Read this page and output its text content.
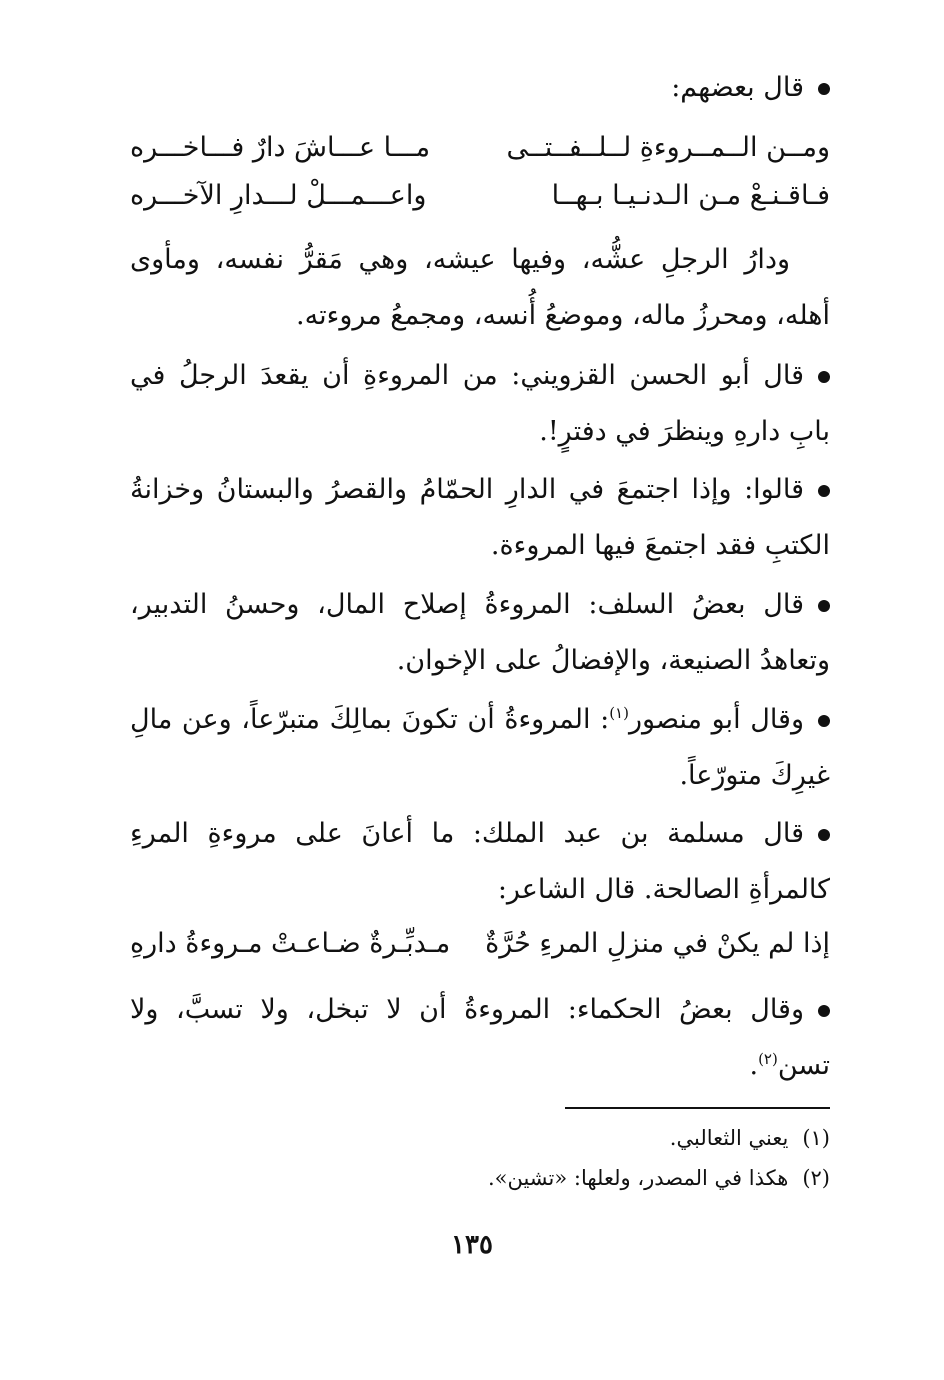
قال بعضهم:
ومــن الــمــروءةِ لــلــفــتــى
مـــا عـــاشَ دارٌ فـــاخـــره
فـاقـنـعْ مـن الـدنـيـا بـهــا
واعـــمـــلْ لـــدارِ الآخـــره
ودارُ الرجلِ عشُّه، وفيها عيشه، وهي مَقرُّ نفسه، ومأوى أهله، ومحرزُ ماله، وموضعُ أُنسه، ومجمعُ مروءته.
قال أبو الحسن القزويني: من المروءةِ أن يقعدَ الرجلُ في بابِ دارهِ وينظرَ في دفترٍ!.
قالوا: وإذا اجتمعَ في الدارِ الحمّامُ والقصرُ والبستانُ وخزانةُ الكتبِ فقد اجتمعَ فيها المروءة.
قال بعضُ السلف: المروءةُ إصلاح المال، وحسنُ التدبير، وتعاهدُ الصنيعة، والإفضالُ على الإخوان.
وقال أبو منصور$^{(١)}$: المروءةُ أن تكونَ بمالِكَ متبرّعاً، وعن مالِ غيرِكَ متورّعاً.
قال مسلمة بن عبد الملك: ما أعانَ على مروءةِ المرءِ كالمرأةِ الصالحة. قال الشاعر:
إذا لم يكنْ في منزلِ المرءِ حُرَّةٌ
مـدبِّـرةٌ ضـاعـتْ مـروءةُ دارهِ
وقال بعضُ الحكماء: المروءةُ أن لا تبخل، ولا تسبَّ، ولا تسن$^{(٢)}$.
(١)يعني الثعالبي.
(٢)هكذا في المصدر، ولعلها: «تشين».
١٣٥
